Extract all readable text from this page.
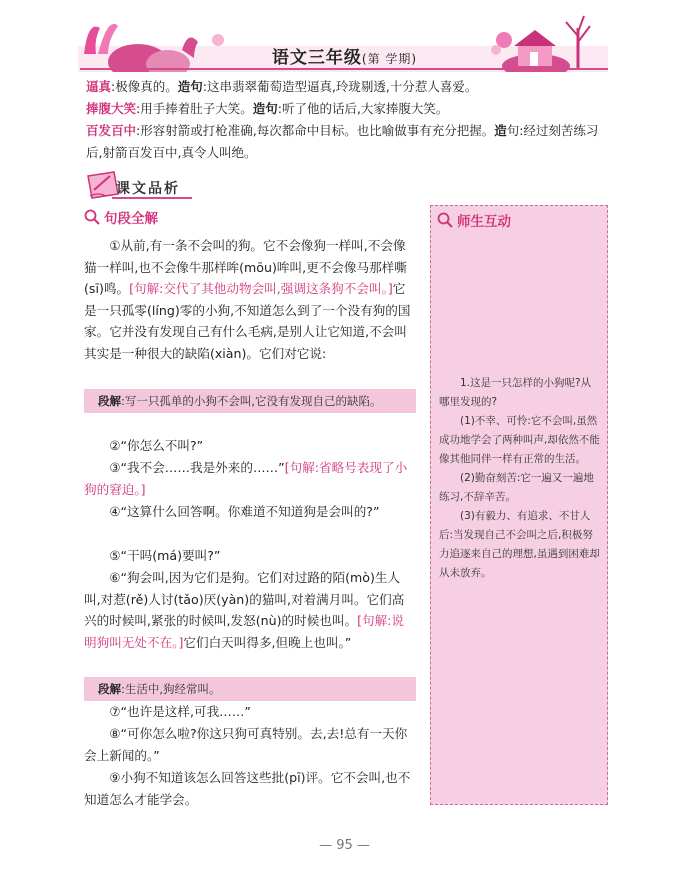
语文三年级(第 学期)
逼真:极像真的。造句:这串翡翠葡萄造型逼真,玲珑剔透,十分惹人喜爱。
捧腹大笑:用手捧着肚子大笑。造句:听了他的话后,大家捧腹大笑。
百发百中:形容射箭或打枪准确,每次都命中目标。也比喻做事有充分把握。造句:经过刻苦练习后,射箭百发百中,真令人叫绝。
课文品析
句段全解
①从前,有一条不会叫的狗。它不会像狗一样叫,不会像猫一样叫,也不会像牛那样哞(mōu)哞叫,更不会像马那样嘶(sī)鸣。[句解:交代了其他动物会叫,强调这条狗不会叫。]它是一只孤零(líng)零的小狗,不知道怎么到了一个没有狗的国家。它并没有发现自己有什么毛病,是别人让它知道,不会叫其实是一种很大的缺陷(xiàn)。它们对它说:
段解:写一只孤单的小狗不会叫,它没有发现自己的缺陷。
②“你怎么不叫?”
③“我不会……我是外来的……”[句解:省略号表现了小狗的窘迫。]
④“这算什么回答啊。你难道不知道狗是会叫的?”
⑤“干吗(má)要叫?”
⑥“狗会叫,因为它们是狗。它们对过路的陌(mò)生人叫,对惹(rě)人讨(tǎo)厌(yàn)的猫叫,对着满月叫。它们高兴的时候叫,紧张的时候叫,发怒(nù)的时候也叫。[句解:说明狗叫无处不在。]它们白天叫得多,但晚上也叫。”
段解:生活中,狗经常叫。
⑦“也许是这样,可我……”
⑧“可你怎么啦?你这只狗可真特别。去,去!总有一天你会上新闻的。”
⑨小狗不知道该怎么回答这些批(pī)评。它不会叫,也不知道怎么才能学会。
师生互动

1.这是一只怎样的小狗呢?从哪里发现的?

(1)不幸、可怜:它不会叫,虽然成功地学会了两种叫声,却依然不能像其他同伴一样有正常的生活。

(2)勤奋刻苦:它一遍又一遍地练习,不辞辛苦。

(3)有毅力、有追求、不甘人后:当发现自己不会叫之后,积极努力追逐来自己的理想,虽遇到困难却从未放弃。

— 95 —
